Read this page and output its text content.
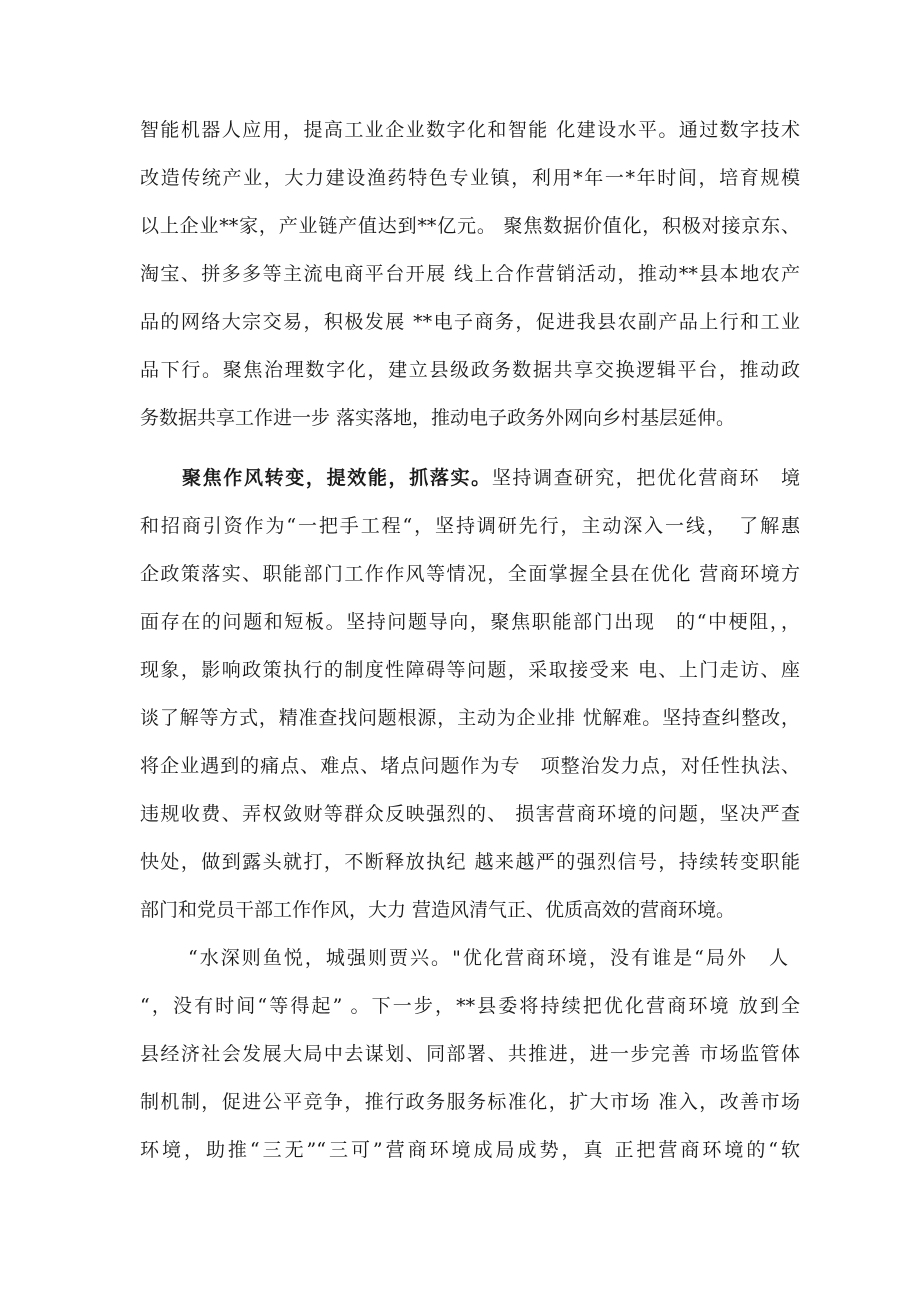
智能机器人应用，提高工业企业数字化和智能 化建设水平。通过数字技术
改造传统产业，大力建设渔药特色专业镇，利用*年一*年时间，培育规模
以上企业**家，产业链产值达到**亿元。 聚焦数据价值化，积极对接京东、
淘宝、拼多多等主流电商平台开展 线上合作营销活动，推动**县本地农产
品的网络大宗交易，积极发展 **电子商务，促进我县农副产品上行和工业
品下行。聚焦治理数字化，建立县级政务数据共享交换逻辑平台，推动政
务数据共享工作进一步 落实落地，推动电子政务外网向乡村基层延伸。
聚焦作风转变，提效能，抓落实。坚持调查研究，把优化营商环　境
和招商引资作为“一把手工程“，坚持调研先行，主动深入一线，　了解惠
企政策落实、职能部门工作作风等情况，全面掌握全县在优化 营商环境方
面存在的问题和短板。坚持问题导向，聚焦职能部门出现　的“中梗阻，，
现象，影响政策执行的制度性障碍等问题，采取接受来 电、上门走访、座
谈了解等方式，精准查找问题根源，主动为企业排 忧解难。坚持查纠整改，
将企业遇到的痛点、难点、堵点问题作为专　项整治发力点，对任性执法、
违规收费、弄权敛财等群众反映强烈的、 损害营商环境的问题，坚决严查
快处，做到露头就打，不断释放执纪 越来越严的强烈信号，持续转变职能
部门和党员干部工作作风，大力 营造风清气正、优质高效的营商环境。
“水深则鱼悦，城强则贾兴。"优化营商环境，没有谁是“局外　人
“，没有时间“等得起” 。下一步，**县委将持续把优化营商环境 放到全
县经济社会发展大局中去谋划、同部署、共推进，进一步完善 市场监管体
制机制，促进公平竞争，推行政务服务标准化，扩大市场 准入，改善市场
环境，助推“三无”“三可”营商环境成局成势，真 正把营商环境的“软
